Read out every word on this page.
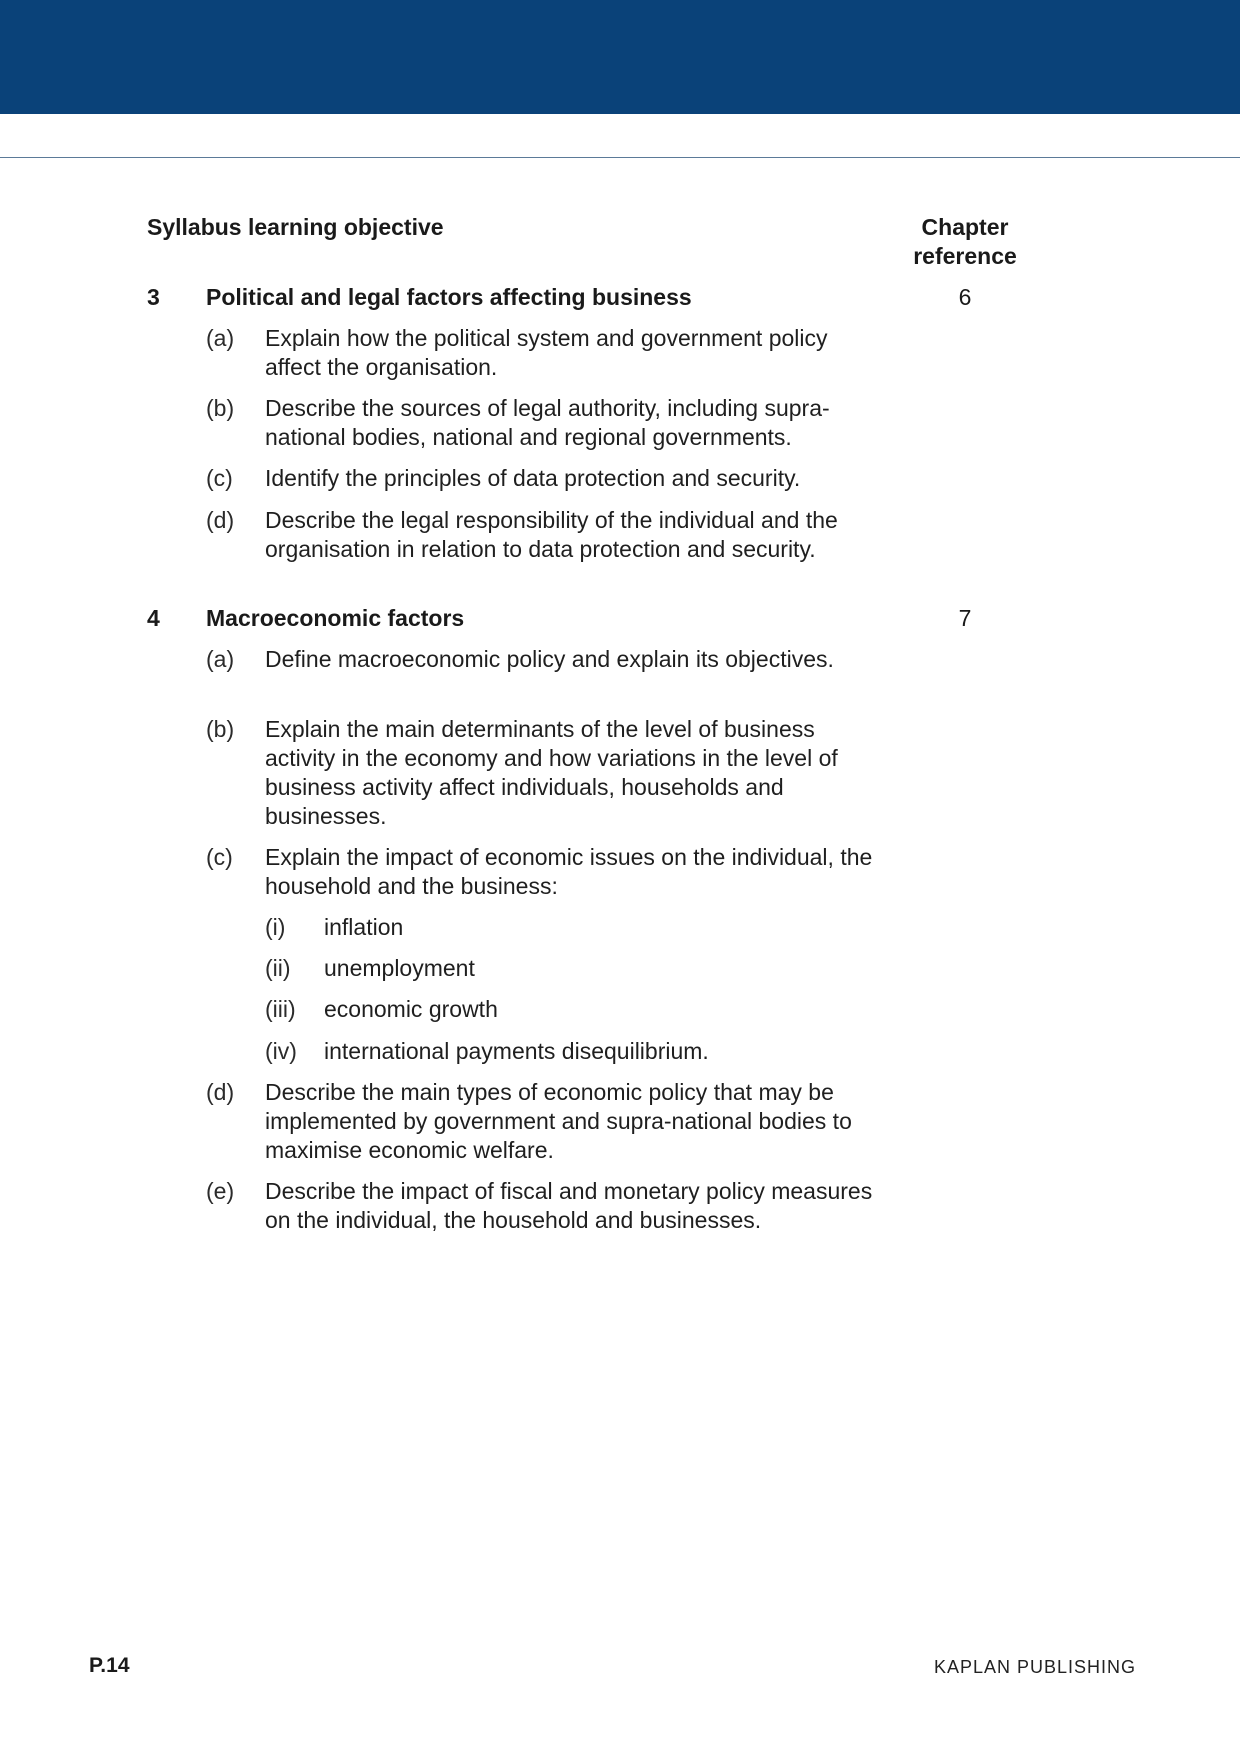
Syllabus learning objective	Chapter
reference
3 Political and legal factors affecting business	6
(a) Explain how the political system and government policy affect the organisation.
(b) Describe the sources of legal authority, including supra-national bodies, national and regional governments.
(c) Identify the principles of data protection and security.
(d) Describe the legal responsibility of the individual and the organisation in relation to data protection and security.
4 Macroeconomic factors	7
(a) Define macroeconomic policy and explain its objectives.
(b) Explain the main determinants of the level of business activity in the economy and how variations in the level of business activity affect individuals, households and businesses.
(c) Explain the impact of economic issues on the individual, the household and the business:
(i) inflation
(ii) unemployment
(iii) economic growth
(iv) international payments disequilibrium.
(d) Describe the main types of economic policy that may be implemented by government and supra-national bodies to maximise economic welfare.
(e) Describe the impact of fiscal and monetary policy measures on the individual, the household and businesses.
P.14	KAPLAN PUBLISHING
